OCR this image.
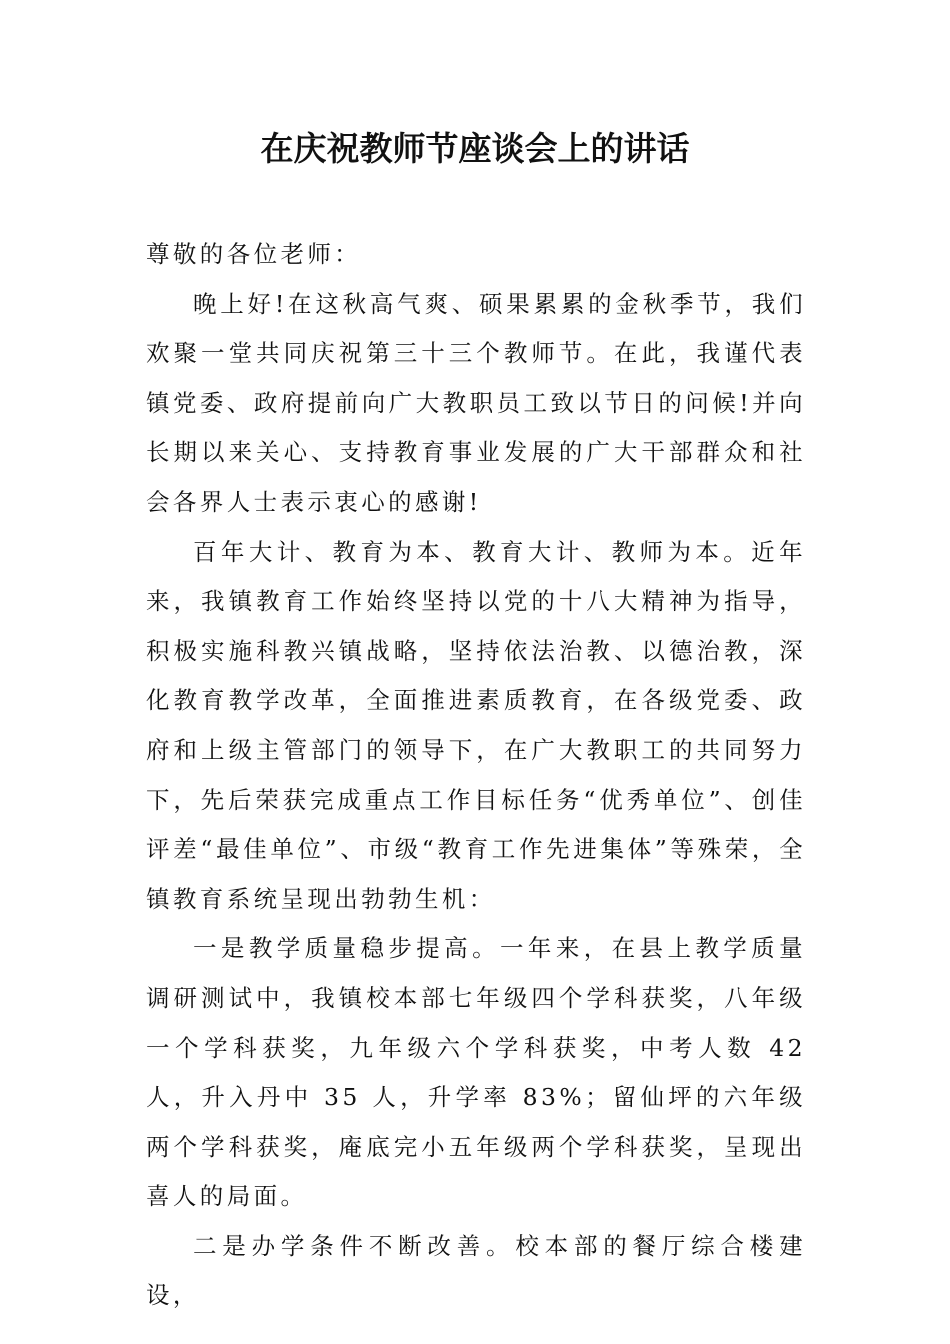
在庆祝教师节座谈会上的讲话

尊敬的各位老师：

晚上好!在这秋高气爽、硕果累累的金秋季节，我们欢聚一堂共同庆祝第三十三个教师节。在此，我谨代表镇党委、政府提前向广大教职员工致以节日的问候!并向长期以来关心、支持教育事业发展的广大干部群众和社会各界人士表示衷心的感谢!

百年大计、教育为本、教育大计、教师为本。近年来，我镇教育工作始终坚持以党的十八大精神为指导，积极实施科教兴镇战略，坚持依法治教、以德治教，深化教育教学改革，全面推进素质教育，在各级党委、政府和上级主管部门的领导下，在广大教职工的共同努力下，先后荣获完成重点工作目标任务“优秀单位”、创佳评差“最佳单位”、市级“教育工作先进集体”等殊荣，全镇教育系统呈现出勃勃生机：

一是教学质量稳步提高。一年来，在县上教学质量调研测试中，我镇校本部七年级四个学科获奖，八年级一个学科获奖，九年级六个学科获奖，中考人数 42 人，升入丹中 35 人，升学率 83%；留仙坪的六年级两个学科获奖，庵底完小五年级两个学科获奖，呈现出喜人的局面。

二是办学条件不断改善。校本部的餐厅综合楼建设，
